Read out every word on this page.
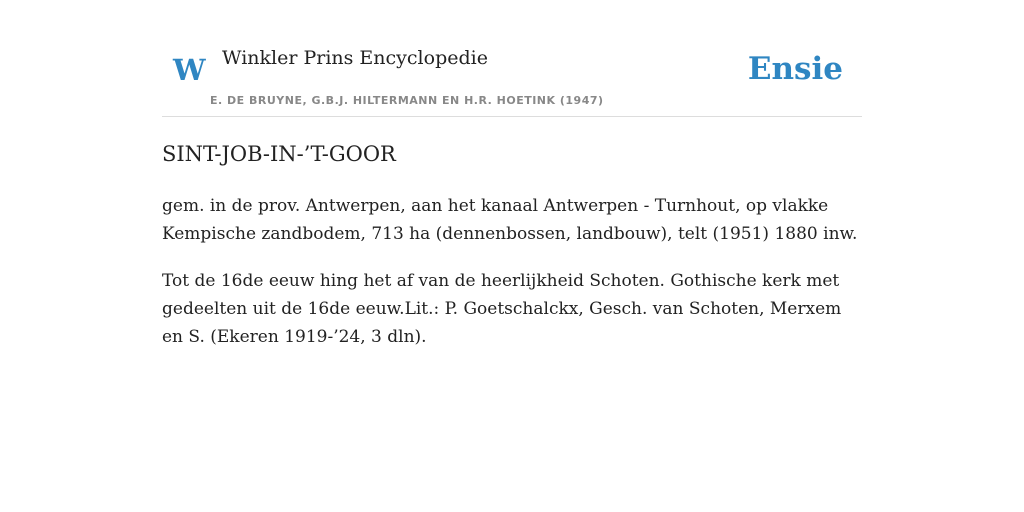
W Winkler Prins Encyclopedie
E. DE BRUYNE, G.B.J. HILTERMANN EN H.R. HOETINK (1947)
Ensie
SINT-JOB-IN-’T-GOOR

gem. in de prov. Antwerpen, aan het kanaal Antwerpen - Turnhout, op vlakke Kempische zandbodem, 713 ha (dennenbossen, landbouw), telt (1951) 1880 inw.

Tot de 16de eeuw hing het af van de heerlijkheid Schoten. Gothische kerk met gedeelten uit de 16de eeuw.Lit.: P. Goetschalckx, Gesch. van Schoten, Merxem en S. (Ekeren 1919-’24, 3 dln).
